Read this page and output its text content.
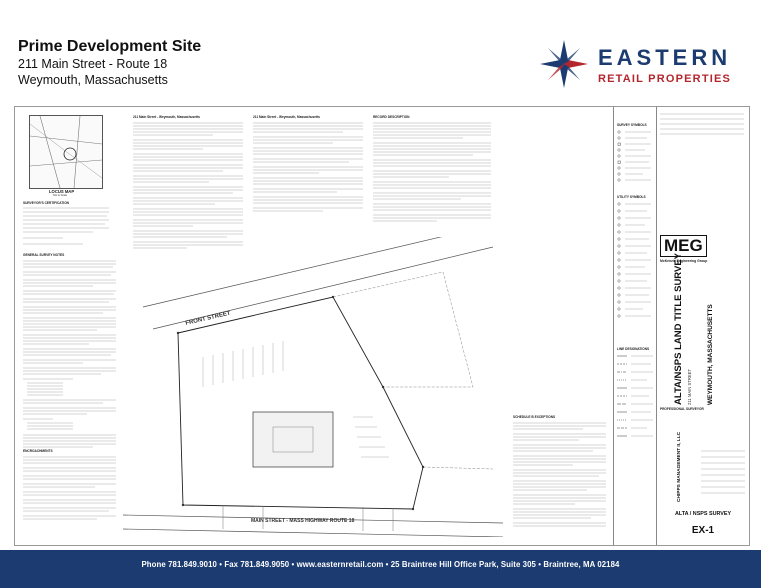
Prime Development Site
211 Main Street - Route 18
Weymouth, Massachusetts
EASTERN
RETAIL PROPERTIES
LOCUS MAP
Not to Scale
SURVEYOR'S CERTIFICATION
GENERAL SURVEY NOTES
ENCROACHMENTS
211 Main Street - Weymouth, Massachusetts	211 Main Street - Weymouth, Massachusetts	RECORD DESCRIPTION
FRONT STREET
MAIN STREET - MASS HIGHWAY ROUTE 18
SCHEDULE B EXCEPTIONS
SURVEY SYMBOLS
UTILITY SYMBOLS
LINE DESIGNATIONS
MEG
McKenzie Engineering Group
ALTA/NSPS LAND TITLE SURVEY 211 MAIN STREET WEYMOUTH, MASSACHUSETTS
PROFESSIONAL SURVEYOR
CHIPPS MANAGEMENT II, LLC
ALTA / NSPS SURVEY
EX-1
Phone 781.849.9010 • Fax 781.849.9050 • www.easternretail.com • 25 Braintree Hill Office Park, Suite 305 • Braintree, MA 02184
